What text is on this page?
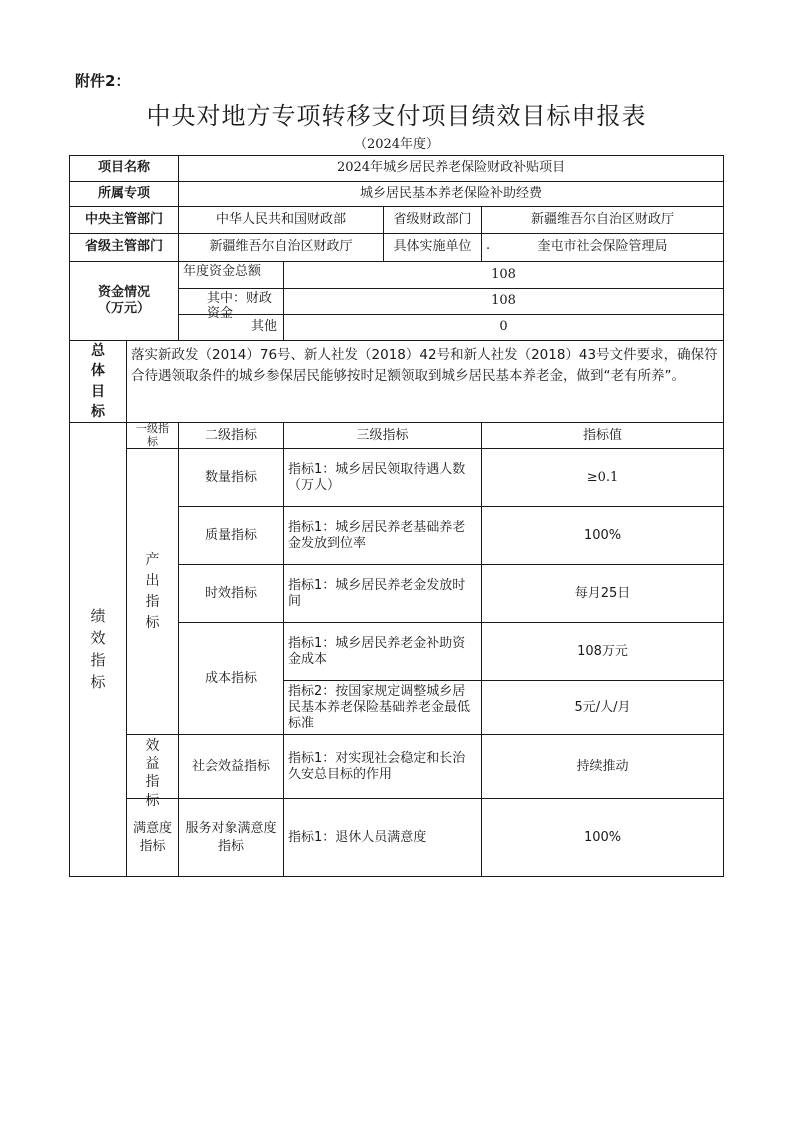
附件2：
中央对地方专项转移支付项目绩效目标申报表
（2024年度）
项目名称		2024年城乡居民养老保险财政补贴项目			
所属专项		城乡居民基本养老保险补助经费			
中央主管部门		中华人民共和国财政部		省级财政部门	新疆维吾尔自治区财政厅
省级主管部门		新疆维吾尔自治区财政厅		具体实施单位	. 奎屯市社会保险管理局

资金情况
（万元）		年度资金总额	108		

		其中：财政资金	108		
		其他	0		
总体目标	落实新政发（2014）76号、新人社发（2018）42号和新人社发（2018）43号文件要求，确保符合待遇领取条件的城乡参保居民能够按时足额领取到城乡居民基本养老金，做到“老有所养”。				
绩效指标	一级指标	二级指标	三级指标		指标值
	产出指标	数量指标	指标1：城乡居民领取待遇人数（万人）		≥0.1
		质量指标	指标1：城乡居民养老基础养老金发放到位率		100%
		时效指标	指标1：城乡居民养老金发放时间		每月25日
		成本指标	指标1：城乡居民养老金补助资金成本		108万元
			指标2：按国家规定调整城乡居民基本养老保险基础养老金最低标准		5元/人/月

	效益指标	社会效益指标	指标1：对实现社会稳定和长治久安总目标的作用		持续推动
	满意度指标	服务对象满意度指标	指标1：退休人员满意度		100%
